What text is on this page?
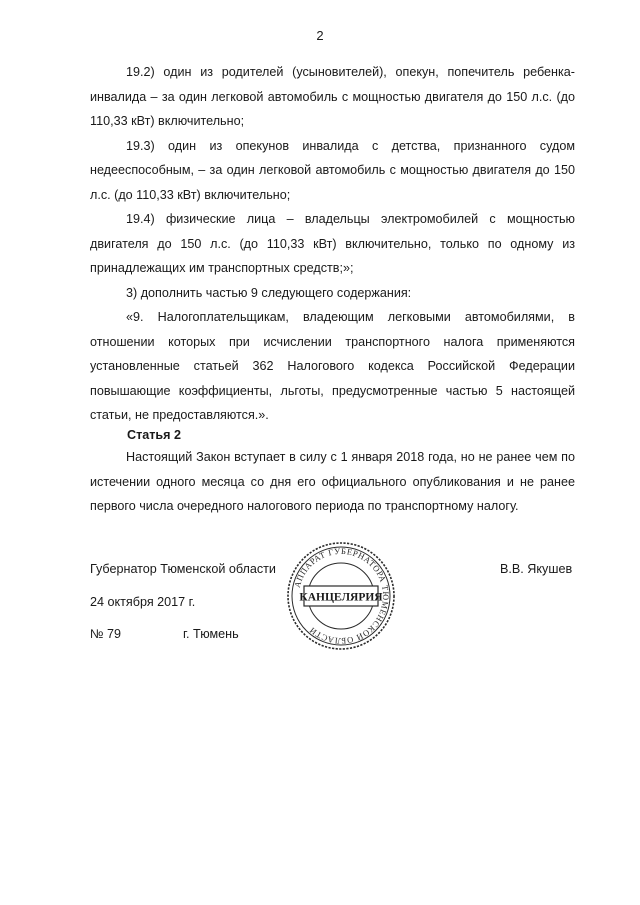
2

19.2) один из родителей (усыновителей), опекун, попечитель ребенка-инвалида – за один легковой автомобиль с мощностью двигателя до 150 л.с. (до 110,33 кВт) включительно;

19.3) один из опекунов инвалида с детства, признанного судом недееспособным, – за один легковой автомобиль с мощностью двигателя до 150 л.с. (до 110,33 кВт) включительно;

19.4) физические лица – владельцы электромобилей с мощностью двигателя до 150 л.с. (до 110,33 кВт) включительно, только по одному из принадлежащих им транспортных средств;»;

3) дополнить частью 9 следующего содержания:

«9. Налогоплательщикам, владеющим легковыми автомобилями, в отношении которых при исчислении транспортного налога применяются установленные статьей 362 Налогового кодекса Российской Федерации повышающие коэффициенты, льготы, предусмотренные частью 5 настоящей статьи, не предоставляются.».

Статья 2

Настоящий Закон вступает в силу с 1 января 2018 года, но не ранее чем по истечении одного месяца со дня его официального опубликования и не ранее первого числа очередного налогового периода по транспортному налогу.

Губернатор Тюменской области	В.В. Якушев
24 октября 2017 г.
№ 79	г. Тюмень
АППАРАТ ГУБЕРНАТОРА ТЮМЕНСКОЙ ОБЛАСТИ
КАНЦЕЛЯРИЯ
